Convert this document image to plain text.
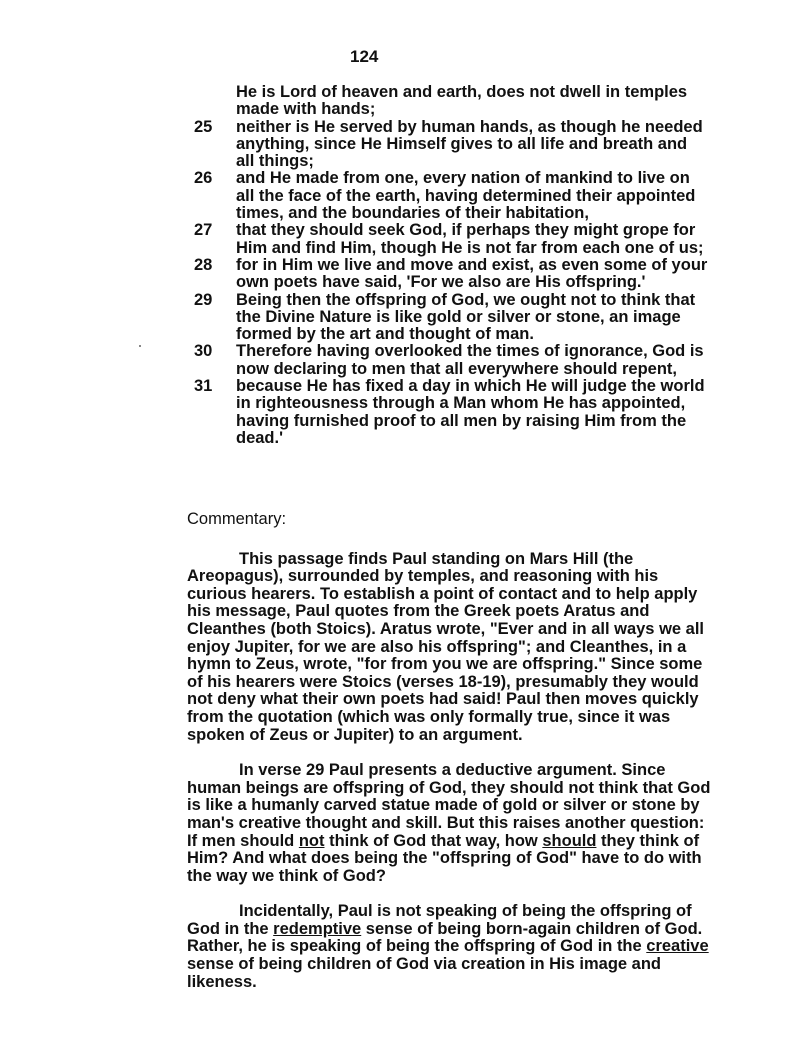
124
He is Lord of heaven and earth, does not dwell in temples made with hands;
25	neither is He served by human hands, as though he needed anything, since He Himself gives to all life and breath and all things;
26	and He made from one, every nation of mankind to live on all the face of the earth, having determined their appointed times, and the boundaries of their habitation,
27	that they should seek God, if perhaps they might grope for Him and find Him, though He is not far from each one of us;
28	for in Him we live and move and exist, as even some of your own poets have said, 'For we also are His offspring.'
29	Being then the offspring of God, we ought not to think that the Divine Nature is like gold or silver or stone, an image formed by the art and thought of man.
30	Therefore having overlooked the times of ignorance, God is now declaring to men that all everywhere should repent,
31	because He has fixed a day in which He will judge the world in righteousness through a Man whom He has appointed, having furnished proof to all men by raising Him from the dead.'

Commentary:

This passage finds Paul standing on Mars Hill (the Areopagus), surrounded by temples, and reasoning with his curious hearers. To establish a point of contact and to help apply his message, Paul quotes from the Greek poets Aratus and Cleanthes (both Stoics). Aratus wrote, "Ever and in all ways we all enjoy Jupiter, for we are also his offspring"; and Cleanthes, in a hymn to Zeus, wrote, "for from you we are offspring." Since some of his hearers were Stoics (verses 18-19), presumably they would not deny what their own poets had said! Paul then moves quickly from the quotation (which was only formally true, since it was spoken of Zeus or Jupiter) to an argument.

In verse 29 Paul presents a deductive argument. Since human beings are offspring of God, they should not think that God is like a humanly carved statue made of gold or silver or stone by man's creative thought and skill. But this raises another question: If men should not think of God that way, how should they think of Him? And what does being the "offspring of God" have to do with the way we think of God?

Incidentally, Paul is not speaking of being the offspring of God in the redemptive sense of being born-again children of God. Rather, he is speaking of being the offspring of God in the creative sense of being children of God via creation in His image and likeness.
